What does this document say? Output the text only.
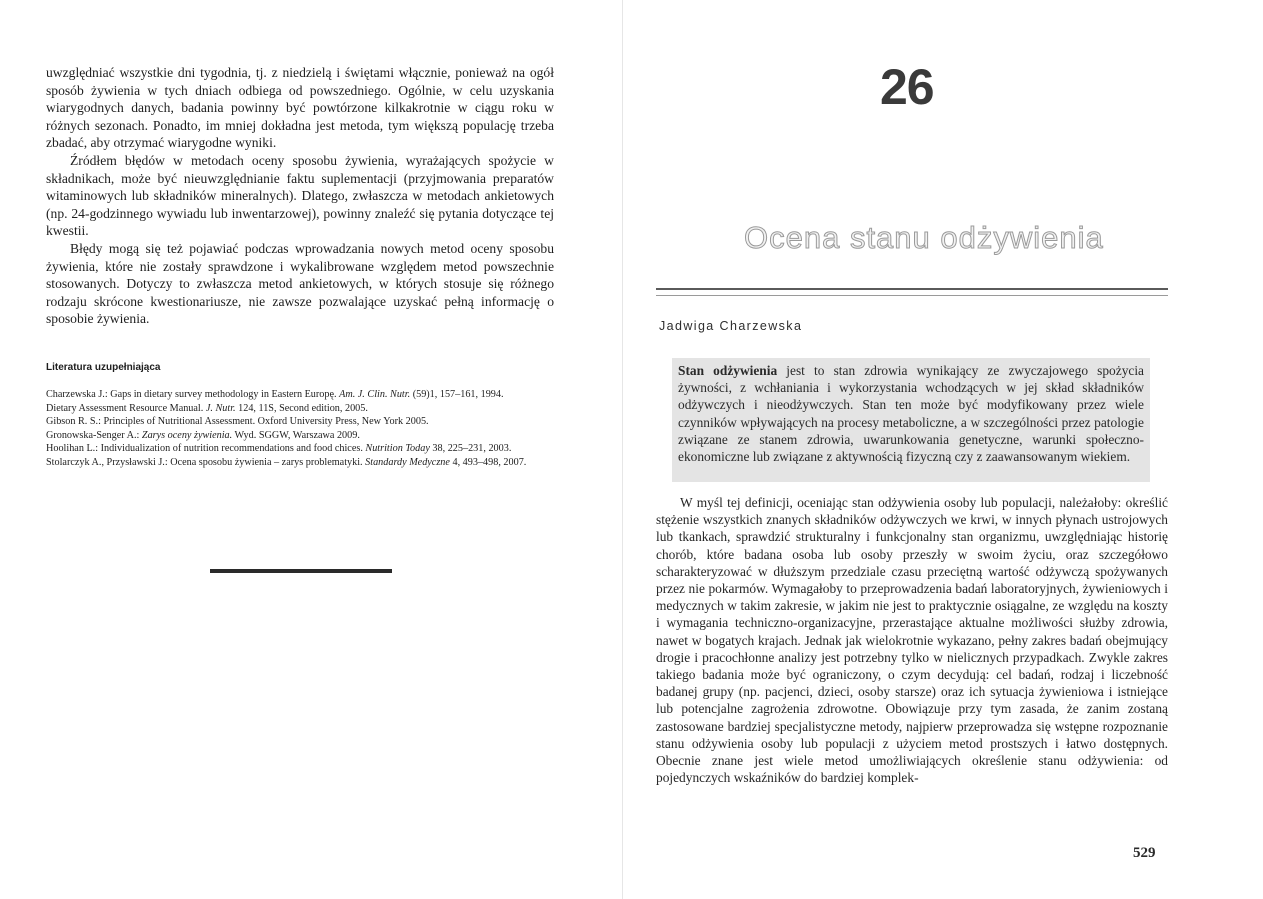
uwzględniać wszystkie dni tygodnia, tj. z niedzielą i świętami włącznie, ponieważ na ogół sposób żywienia w tych dniach odbiega od powszedniego. Ogólnie, w celu uzyskania wiarygodnych danych, badania powinny być powtórzone kilkakrotnie w ciągu roku w różnych sezonach. Ponadto, im mniej dokładna jest metoda, tym większą populację trzeba zbadać, aby otrzymać wiarygodne wyniki.

Źródłem błędów w metodach oceny sposobu żywienia, wyrażających spożycie w składnikach, może być nieuwzględnianie faktu suplementacji (przyjmowania preparatów witaminowych lub składników mineralnych). Dlatego, zwłaszcza w metodach ankietowych (np. 24-godzinnego wywiadu lub inwentarzowej), powinny znaleźć się pytania dotyczące tej kwestii.

Błędy mogą się też pojawiać podczas wprowadzania nowych metod oceny sposobu żywienia, które nie zostały sprawdzone i wykalibrowane względem metod powszechnie stosowanych. Dotyczy to zwłaszcza metod ankietowych, w których stosuje się różnego rodzaju skrócone kwestionariusze, nie zawsze pozwalające uzyskać pełną informację o sposobie żywienia.

Literatura uzupełniająca
Charzewska J.: Gaps in dietary survey methodology in Eastern Europę. Am. J. Clin. Nutr. (59)1, 157–161, 1994.
Dietary Assessment Resource Manual. J. Nutr. 124, 11S, Second edition, 2005.
Gibson R. S.: Principles of Nutritional Assessment. Oxford University Press, New York 2005.
Gronowska-Senger A.: Zarys oceny żywienia. Wyd. SGGW, Warszawa 2009.
Hoolihan L.: Individualization of nutrition recommendations and food chices. Nutrition Today 38, 225–231, 2003.
Stolarczyk A., Przysławski J.: Ocena sposobu żywienia – zarys problematyki. Standardy Medyczne 4, 493–498, 2007.
26
Ocena stanu odżywienia
Jadwiga Charzewska
Stan odżywienia jest to stan zdrowia wynikający ze zwyczajowego spożycia żywności, z wchłaniania i wykorzystania wchodzących w jej skład składników odżywczych i nieodżywczych. Stan ten może być modyfikowany przez wiele czynników wpływających na procesy metaboliczne, a w szczególności przez patologie związane ze stanem zdrowia, uwarunkowania genetyczne, warunki społeczno-ekonomiczne lub związane z aktywnością fizyczną czy z zaawansowanym wiekiem.

W myśl tej definicji, oceniając stan odżywienia osoby lub populacji, należałoby: określić stężenie wszystkich znanych składników odżywczych we krwi, w innych płynach ustrojowych lub tkankach, sprawdzić strukturalny i funkcjonalny stan organizmu, uwzględniając historię chorób, które badana osoba lub osoby przeszły w swoim życiu, oraz szczegółowo scharakteryzować w dłuższym przedziale czasu przeciętną wartość odżywczą spożywanych przez nie pokarmów. Wymagałoby to przeprowadzenia badań laboratoryjnych, żywieniowych i medycznych w takim zakresie, w jakim nie jest to praktycznie osiągalne, ze względu na koszty i wymagania techniczno-organizacyjne, przerastające aktualne możliwości służby zdrowia, nawet w bogatych krajach. Jednak jak wielokrotnie wykazano, pełny zakres badań obejmujący drogie i pracochłonne analizy jest potrzebny tylko w nielicznych przypadkach. Zwykle zakres takiego badania może być ograniczony, o czym decydują: cel badań, rodzaj i liczebność badanej grupy (np. pacjenci, dzieci, osoby starsze) oraz ich sytuacja żywieniowa i istniejące lub potencjalne zagrożenia zdrowotne. Obowiązuje przy tym zasada, że zanim zostaną zastosowane bardziej specjalistyczne metody, najpierw przeprowadza się wstępne rozpoznanie stanu odżywienia osoby lub populacji z użyciem metod prostszych i łatwo dostępnych. Obecnie znane jest wiele metod umożliwiających określenie stanu odżywienia: od pojedynczych wskaźników do bardziej komplek-

529
